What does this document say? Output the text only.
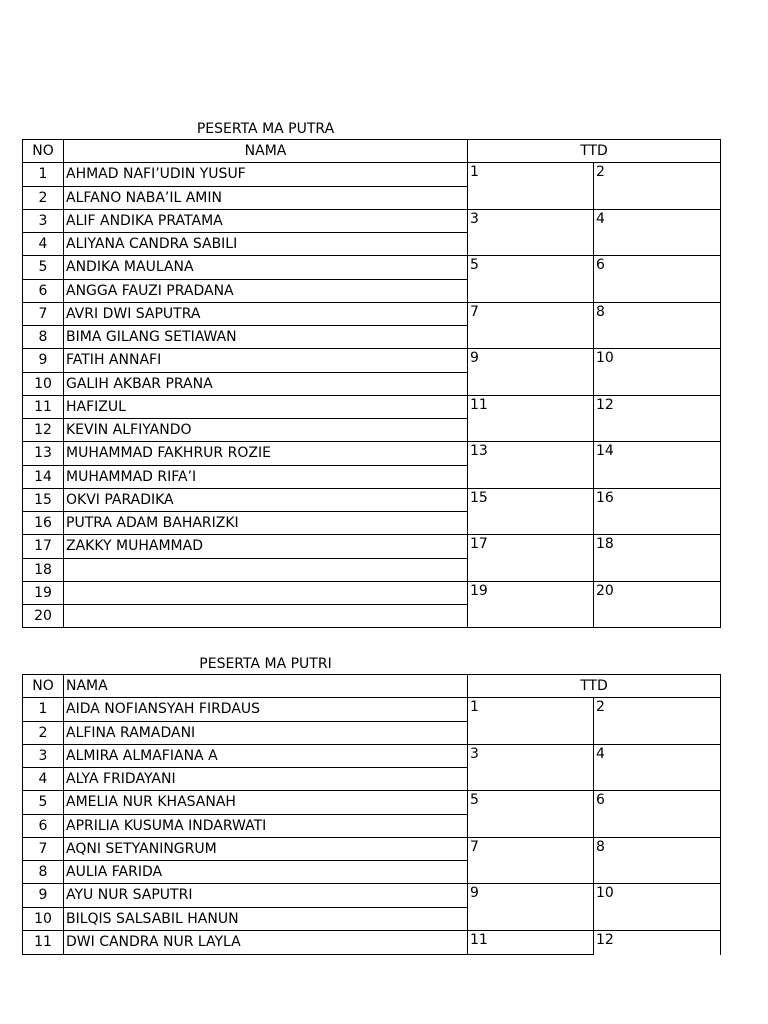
PESERTA MA PUTRA
NO	NAMA	TTD	
1	AHMAD NAFI’UDIN YUSUF	1	2
2	ALFANO NABA’IL AMIN		
3	ALIF ANDIKA PRATAMA	3	4
4	ALIYANA CANDRA SABILI		
5	ANDIKA MAULANA	5	6
6	ANGGA FAUZI PRADANA		
7	AVRI DWI SAPUTRA	7	8
8	BIMA GILANG SETIAWAN		
9	FATIH ANNAFI	9	10
10	GALIH AKBAR PRANA		
11	HAFIZUL	11	12
12	KEVIN ALFIYANDO		
13	MUHAMMAD FAKHRUR ROZIE	13	14
14	MUHAMMAD RIFA’I		
15	OKVI PARADIKA	15	16
16	PUTRA ADAM BAHARIZKI		
17	ZAKKY MUHAMMAD	17	18
18			
19		19	20
20			
PESERTA MA PUTRI
NO	NAMA	TTD	
1	AIDA NOFIANSYAH FIRDAUS	1	2
2	ALFINA RAMADANI		
3	ALMIRA ALMAFIANA A	3	4
4	ALYA FRIDAYANI		
5	AMELIA NUR KHASANAH	5	6
6	APRILIA KUSUMA INDARWATI		
7	AQNI SETYANINGRUM	7	8
8	AULIA FARIDA		
9	AYU NUR SAPUTRI	9	10
10	BILQIS SALSABIL HANUN		
11	DWI CANDRA NUR LAYLA	11	12
